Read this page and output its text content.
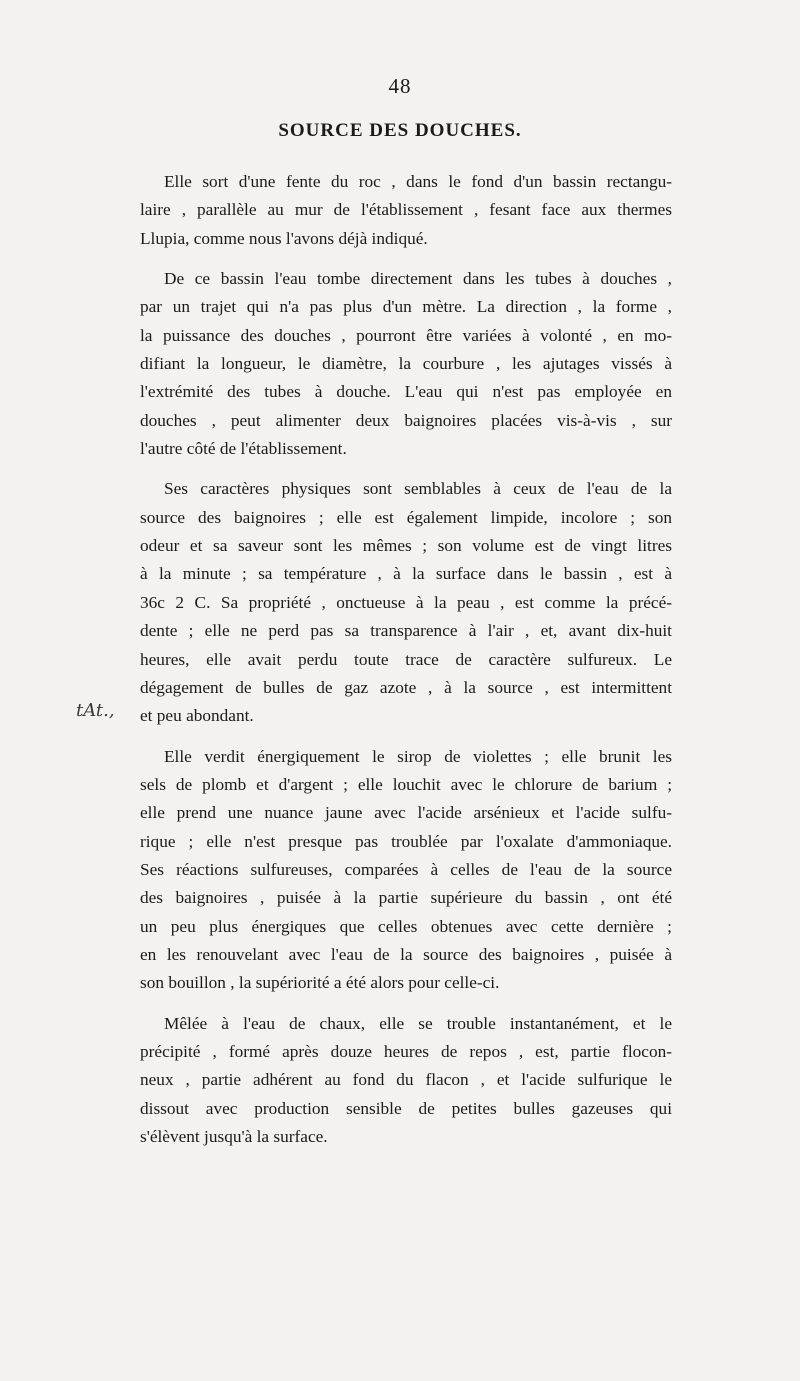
48
SOURCE DES DOUCHES.
tAt.,
Elle sort d'une fente du roc , dans le fond d'un bassin rectangu-
laire , parallèle au mur de l'établissement , fesant face aux thermes
Llupia, comme nous l'avons déjà indiqué.
De ce bassin l'eau tombe directement dans les tubes à douches ,
par un trajet qui n'a pas plus d'un mètre. La direction , la forme ,
la puissance des douches , pourront être variées à volonté , en mo-
difiant la longueur, le diamètre, la courbure , les ajutages vissés à
l'extrémité des tubes à douche. L'eau qui n'est pas employée en
douches , peut alimenter deux baignoires placées vis-à-vis , sur
l'autre côté de l'établissement.
Ses caractères physiques sont semblables à ceux de l'eau de la
source des baignoires ; elle est également limpide, incolore ; son
odeur et sa saveur sont les mêmes ; son volume est de vingt litres
à la minute ; sa température , à la surface dans le bassin , est à
36c 2 C. Sa propriété , onctueuse à la peau , est comme la précé-
dente ; elle ne perd pas sa transparence à l'air , et, avant dix-huit
heures, elle avait perdu toute trace de caractère sulfureux. Le
dégagement de bulles de gaz azote , à la source , est intermittent
et peu abondant.
Elle verdit énergiquement le sirop de violettes ; elle brunit les
sels de plomb et d'argent ; elle louchit avec le chlorure de barium ;
elle prend une nuance jaune avec l'acide arsénieux et l'acide sulfu-
rique ; elle n'est presque pas troublée par l'oxalate d'ammoniaque.
Ses réactions sulfureuses, comparées à celles de l'eau de la source
des baignoires , puisée à la partie supérieure du bassin , ont été
un peu plus énergiques que celles obtenues avec cette dernière ;
en les renouvelant avec l'eau de la source des baignoires , puisée à
son bouillon , la supériorité a été alors pour celle-ci.
Mêlée à l'eau de chaux, elle se trouble instantanément, et le
précipité , formé après douze heures de repos , est, partie flocon-
neux , partie adhérent au fond du flacon , et l'acide sulfurique le
dissout avec production sensible de petites bulles gazeuses qui
s'élèvent jusqu'à la surface.
